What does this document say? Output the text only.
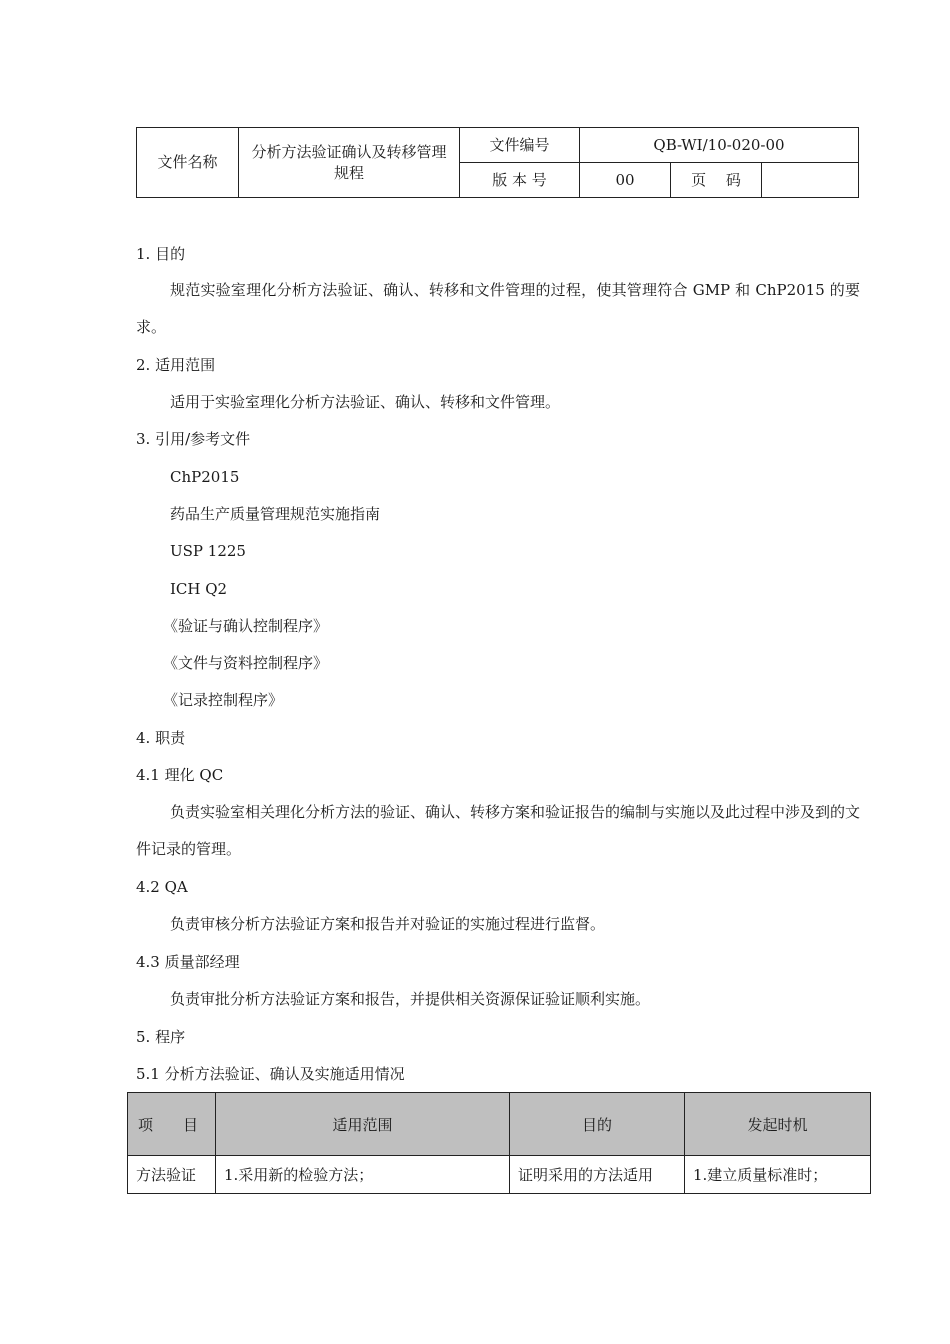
文件名称	分析方法验证确认及转移管理规程	文件编号	QB-WI/10-020-00		
		版 本 号	00	页　 码	
1. 目的
规范实验室理化分析方法验证、确认、转移和文件管理的过程，使其管理符合 GMP 和 ChP2015 的要求。
2. 适用范围
适用于实验室理化分析方法验证、确认、转移和文件管理。
3. 引用/参考文件
ChP2015
药品生产质量管理规范实施指南
USP 1225
ICH Q2
《验证与确认控制程序》
《文件与资料控制程序》
《记录控制程序》
4. 职责
4.1 理化 QC
负责实验室相关理化分析方法的验证、确认、转移方案和验证报告的编制与实施以及此过程中涉及到的文件记录的管理。
4.2 QA
负责审核分析方法验证方案和报告并对验证的实施过程进行监督。
4.3 质量部经理
负责审批分析方法验证方案和报告，并提供相关资源保证验证顺利实施。
5. 程序
5.1 分析方法验证、确认及实施适用情况
项　　目	适用范围	目的	发起时机
方法验证	1.采用新的检验方法；	证明采用的方法适用	1.建立质量标准时；
